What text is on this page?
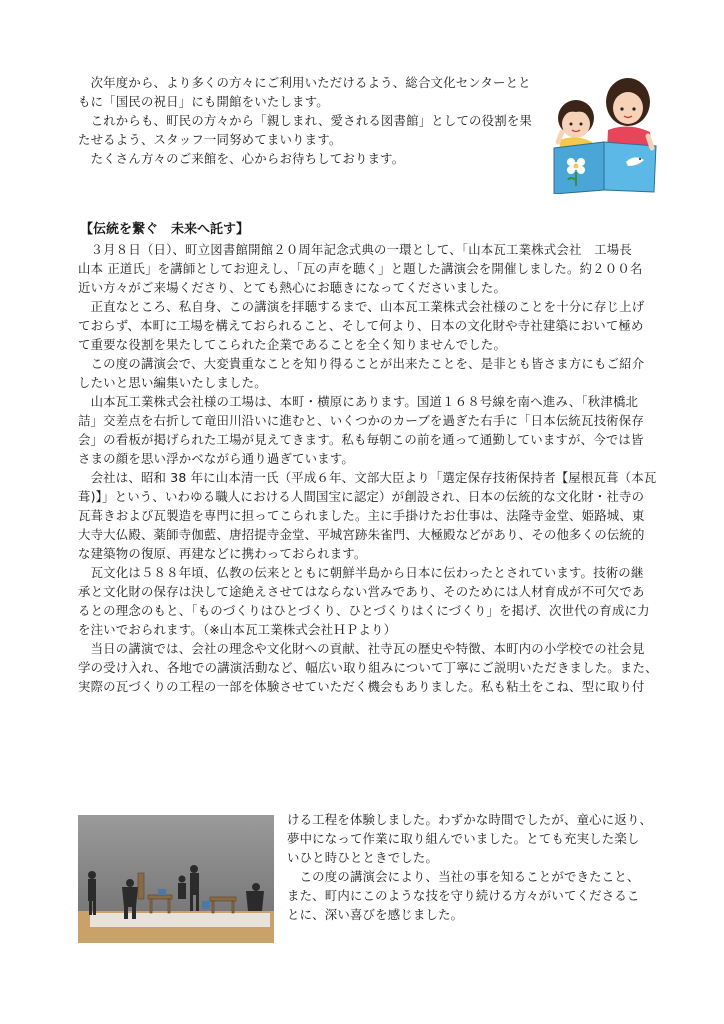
　次年度から、より多くの方々にご利用いただけるよう、総合文化センターとと
もに「国民の祝日」にも開館をいたします。
　これからも、町民の方々から「親しまれ、愛される図書館」としての役割を果
たせるよう、スタッフ一同努めてまいります。
　たくさん方々のご来館を、心からお待ちしております。
【伝統を繋ぐ　未来へ託す】
　３月８日（日）、町立図書館開館２０周年記念式典の一環として、「山本瓦工業株式会社　工場長
山本 正道氏」を講師としてお迎えし、「瓦の声を聴く」と題した講演会を開催しました。約２００名
近い方々がご来場くださり、とても熱心にお聴きになってくださいました。
　正直なところ、私自身、この講演を拝聴するまで、山本瓦工業株式会社様のことを十分に存じ上げ
ておらず、本町に工場を構えておられること、そして何より、日本の文化財や寺社建築において極め
て重要な役割を果たしてこられた企業であることを全く知りませんでした。
　この度の講演会で、大変貴重なことを知り得ることが出来たことを、是非とも皆さま方にもご紹介
したいと思い編集いたしました。
　山本瓦工業株式会社様の工場は、本町・横原にあります。国道１６８号線を南へ進み、「秋津橋北
詰」交差点を右折して竜田川沿いに進むと、いくつかのカーブを過ぎた右手に「日本伝統瓦技術保存
会」の看板が掲げられた工場が見えてきます。私も毎朝この前を通って通勤していますが、今では皆
さまの顔を思い浮かべながら通り過ぎています。
　会社は、昭和 38 年に山本清一氏（平成６年、文部大臣より「選定保存技術保持者【屋根瓦葺（本瓦
葺)】」という、いわゆる職人における人間国宝に認定）が創設され、日本の伝統的な文化財・社寺の
瓦葺きおよび瓦製造を専門に担ってこられました。主に手掛けたお仕事は、法隆寺金堂、姫路城、東
大寺大仏殿、薬師寺伽藍、唐招提寺金堂、平城宮跡朱雀門、大極殿などがあり、その他多くの伝統的
な建築物の復原、再建などに携わっておられます。
　瓦文化は５８８年頃、仏教の伝来とともに朝鮮半島から日本に伝わったとされています。技術の継
承と文化財の保存は決して途絶えさせてはならない営みであり、そのためには人材育成が不可欠であ
るとの理念のもと、「ものづくりはひとづくり、ひとづくりはくにづくり」を掲げ、次世代の育成に力
を注いでおられます。（※山本瓦工業株式会社ＨＰより）
　当日の講演では、会社の理念や文化財への貢献、社寺瓦の歴史や特徴、本町内の小学校での社会見
学の受け入れ、各地での講演活動など、幅広い取り組みについて丁寧にご説明いただきました。また、
実際の瓦づくりの工程の一部を体験させていただく機会もありました。私も粘土をこね、型に取り付
ける工程を体験しました。わずかな時間でしたが、童心に返り、
夢中になって作業に取り組んでいました。とても充実した楽し
いひと時ひとときでした。
　この度の講演会により、当社の事を知ることができたこと、
また、町内にこのような技を守り続ける方々がいてくださるこ
とに、深い喜びを感じました。
